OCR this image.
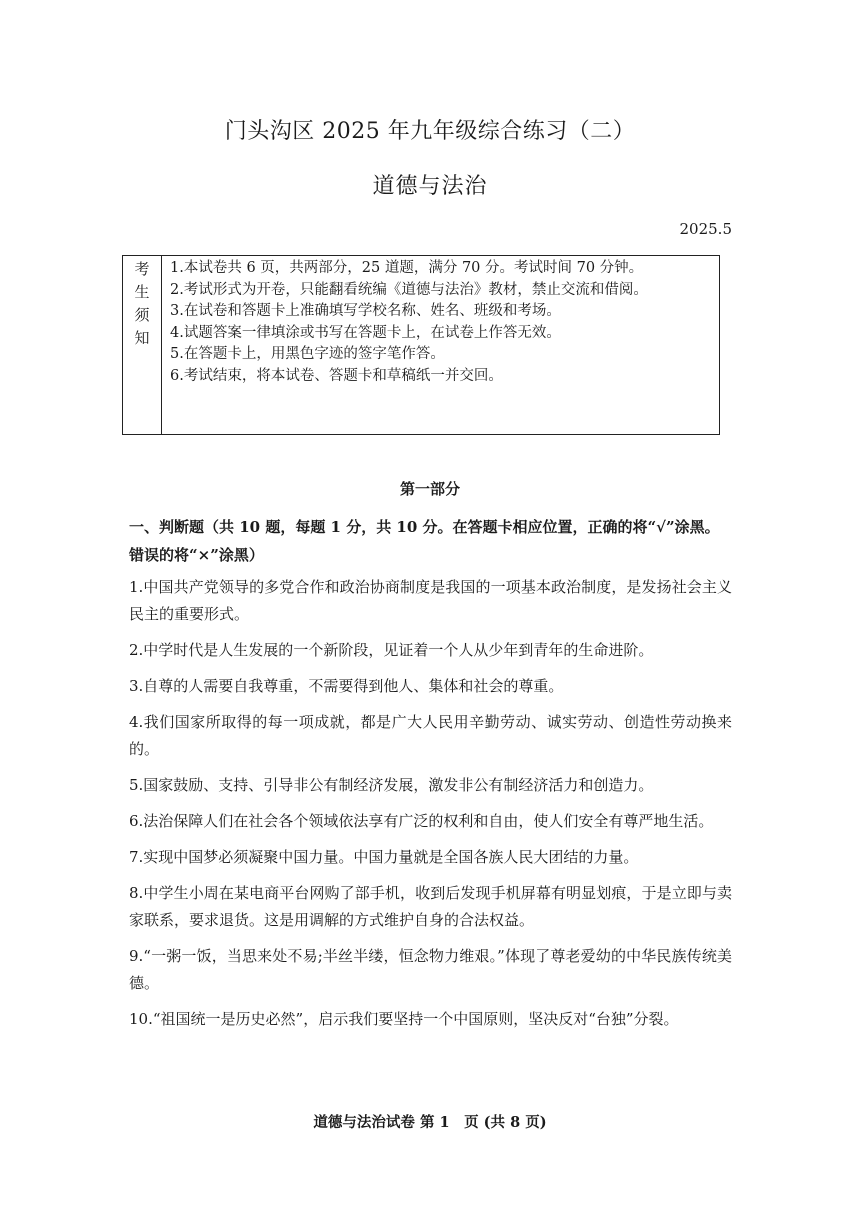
门头沟区 2025 年九年级综合练习（二）
道德与法治
2025.5
考
生
须
知
1.本试卷共 6 页，共两部分，25 道题，满分 70 分。考试时间 70 分钟。
2.考试形式为开卷，只能翻看统编《道德与法治》教材，禁止交流和借阅。
3.在试卷和答题卡上准确填写学校名称、姓名、班级和考场。
4.试题答案一律填涂或书写在答题卡上，在试卷上作答无效。
5.在答题卡上，用黑色字迹的签字笔作答。
6.考试结束，将本试卷、答题卡和草稿纸一并交回。
第一部分
一、判断题（共 10 题，每题 1 分，共 10 分。在答题卡相应位置，正确的将“√”涂黑。错误的将“×”涂黑）
1.中国共产党领导的多党合作和政治协商制度是我国的一项基本政治制度，是发扬社会主义民主的重要形式。
2.中学时代是人生发展的一个新阶段，见证着一个人从少年到青年的生命进阶。
3.自尊的人需要自我尊重，不需要得到他人、集体和社会的尊重。
4.我们国家所取得的每一项成就，都是广大人民用辛勤劳动、诚实劳动、创造性劳动换来的。
5.国家鼓励、支持、引导非公有制经济发展，激发非公有制经济活力和创造力。
6.法治保障人们在社会各个领域依法享有广泛的权利和自由，使人们安全有尊严地生活。
7.实现中国梦必须凝聚中国力量。中国力量就是全国各族人民大团结的力量。
8.中学生小周在某电商平台网购了部手机，收到后发现手机屏幕有明显划痕，于是立即与卖家联系，要求退货。这是用调解的方式维护自身的合法权益。
9.“一粥一饭，当思来处不易;半丝半缕，恒念物力维艰。”体现了尊老爱幼的中华民族传统美德。
10.“祖国统一是历史必然”，启示我们要坚持一个中国原则，坚决反对“台独”分裂。
道德与法治试卷 第 1　页 (共 8 页)
